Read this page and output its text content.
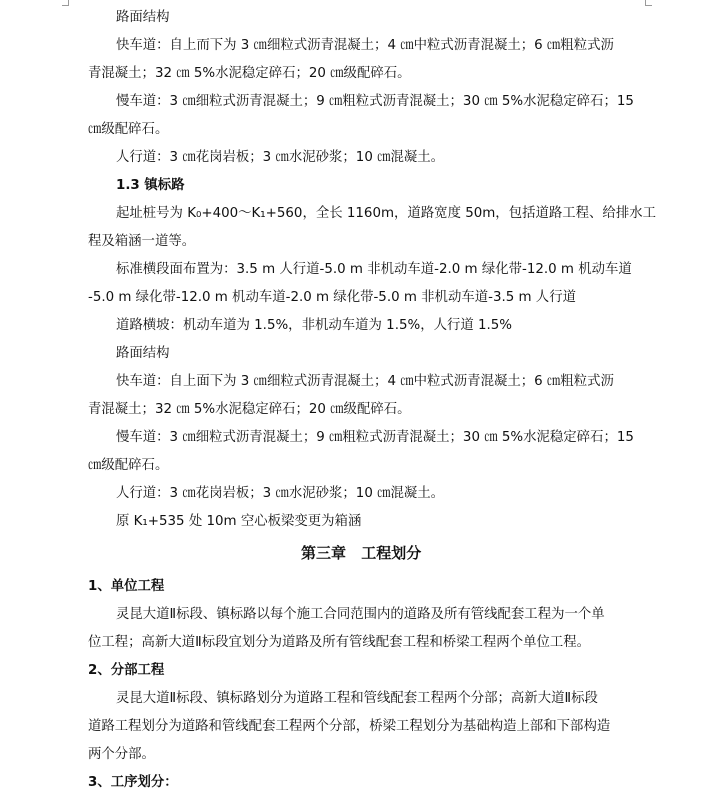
路面结构
快车道：自上而下为 3 ㎝细粒式沥青混凝土；4 ㎝中粒式沥青混凝土；6 ㎝粗粒式沥
青混凝土；32 ㎝ 5%水泥稳定碎石；20 ㎝级配碎石。
慢车道：3 ㎝细粒式沥青混凝土；9 ㎝粗粒式沥青混凝土；30 ㎝ 5%水泥稳定碎石；15
㎝级配碎石。
人行道：3 ㎝花岗岩板；3 ㎝水泥砂浆；10 ㎝混凝土。
1.3 镇标路
起址桩号为 K₀+400～K₁+560，全长 1160m，道路宽度 50m，包括道路工程、给排水工
程及箱涵一道等。
标准横段面布置为：3.5 m 人行道-5.0 m 非机动车道-2.0 m 绿化带-12.0 m 机动车道
-5.0 m 绿化带-12.0 m 机动车道-2.0 m 绿化带-5.0 m 非机动车道-3.5 m 人行道
道路横坡：机动车道为 1.5%，非机动车道为 1.5%，人行道 1.5%
路面结构
快车道：自上面下为 3 ㎝细粒式沥青混凝土；4 ㎝中粒式沥青混凝土；6 ㎝粗粒式沥
青混凝土；32 ㎝ 5%水泥稳定碎石；20 ㎝级配碎石。
慢车道：3 ㎝细粒式沥青混凝土；9 ㎝粗粒式沥青混凝土；30 ㎝ 5%水泥稳定碎石；15
㎝级配碎石。
人行道：3 ㎝花岗岩板；3 ㎝水泥砂浆；10 ㎝混凝土。
原 K₁+535 处 10m 空心板梁变更为箱涵
第三章 工程划分
1、单位工程
灵昆大道Ⅱ标段、镇标路以每个施工合同范围内的道路及所有管线配套工程为一个单
位工程；高新大道Ⅱ标段宜划分为道路及所有管线配套工程和桥梁工程两个单位工程。
2、分部工程
灵昆大道Ⅱ标段、镇标路划分为道路工程和管线配套工程两个分部；高新大道Ⅱ标段
道路工程划分为道路和管线配套工程两个分部，桥梁工程划分为基础构造上部和下部构造
两个分部。
3、工序划分：
